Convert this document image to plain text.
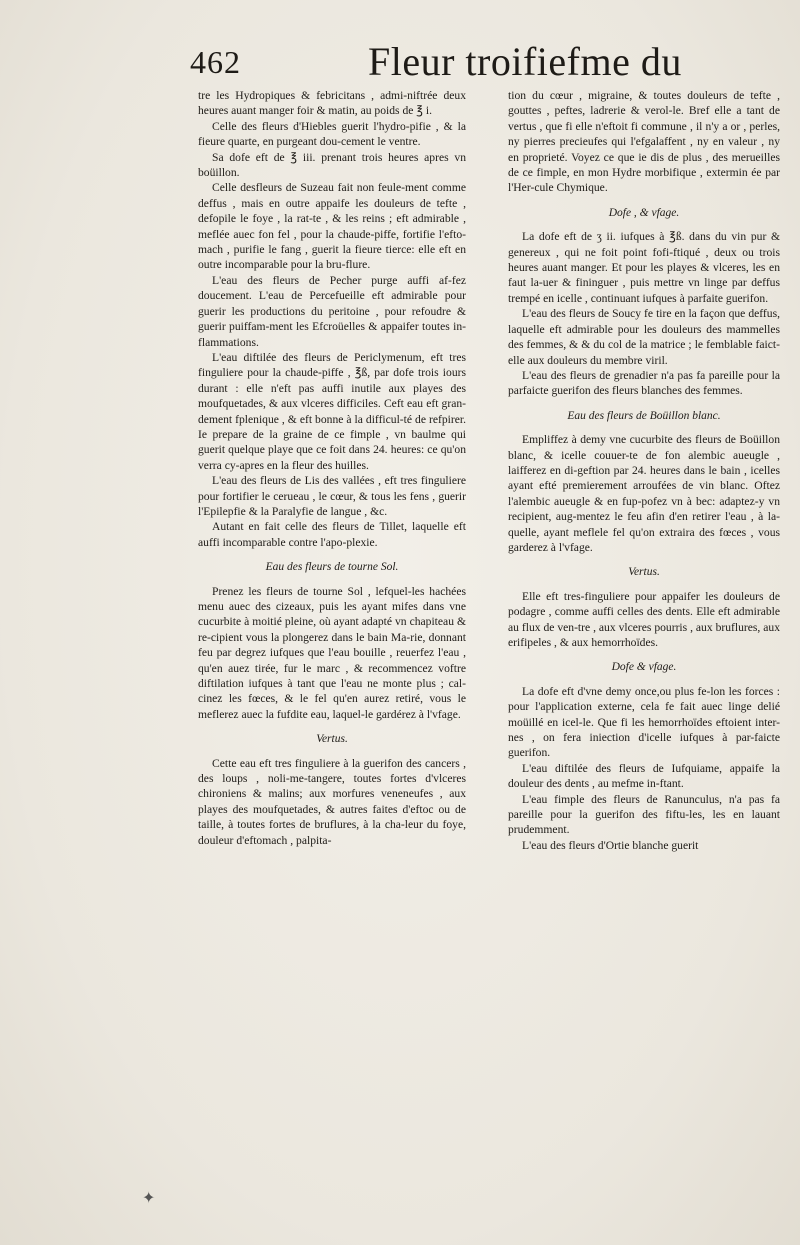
462	Fleur troifiefme du

tre les Hydropiques & febricitans , admi-niftrée deux heures auant manger foir & matin, au poids de ℥ i.

Celle des fleurs d'Hiebles guerit l'hydro-pifie , & la fieure quarte, en purgeant dou-cement le ventre.

Sa dofe eft de ℥ iii. prenant trois heures apres vn boüillon.

Celle desfleurs de Suzeau fait non feule-ment comme deffus , mais en outre appaife les douleurs de tefte , defopile le foye , la rat-te , & les reins ; eft admirable , meflée auec fon fel , pour la chaude-piffe, fortifie l'efto-mach , purifie le fang , guerit la fieure tierce: elle eft en outre incomparable pour la bru-flure.

L'eau des fleurs de Pecher purge auffi af-fez doucement. L'eau de Percefueille eft admirable pour guerir les productions du peritoine , pour refoudre & guerir puiffam-ment les Efcroüelles & appaifer toutes in-flammations.

L'eau diftilée des fleurs de Periclymenum, eft tres finguliere pour la chaude-piffe , ℥ß, par dofe trois iours durant : elle n'eft pas auffi inutile aux playes des moufquetades, & aux vlceres difficiles. Ceft eau eft gran-dement fplenique , & eft bonne à la difficul-té de refpirer. Ie prepare de la graine de ce fimple , vn baulme qui guerit quelque playe que ce foit dans 24. heures: ce qu'on verra cy-apres en la fleur des huilles.

L'eau des fleurs de Lis des vallées , eft tres finguliere pour fortifier le cerueau , le cœur, & tous les fens , guerir l'Epilepfie & la Paralyfie de langue , &c.

Autant en fait celle des fleurs de Tillet, laquelle eft auffi incomparable contre l'apo-plexie.

Eau des fleurs de tourne Sol.

Prenez les fleurs de tourne Sol , lefquel-les hachées menu auec des cizeaux, puis les ayant mifes dans vne cucurbite à moitié pleine, où ayant adapté vn chapiteau & re-cipient vous la plongerez dans le bain Ma-rie, donnant feu par degrez iufques que l'eau bouille , reuerfez l'eau , qu'en auez tirée, fur le marc , & recommencez voftre diftilation iufques à tant que l'eau ne monte plus ; cal-cinez les fœces, & le fel qu'en aurez retiré, vous le meflerez auec la fufdite eau, laquel-le gardérez à l'vfage.

Vertus.

Cette eau eft tres finguliere à la guerifon des cancers , des loups , noli-me-tangere, toutes fortes d'vlceres chironiens & malins; aux morfures veneneufes , aux playes des moufquetades, & autres faites d'eftoc ou de taille, à toutes fortes de bruflures, à la cha-leur du foye, douleur d'eftomach , palpita-

tion du cœur , migraine, & toutes douleurs de tefte , gouttes , peftes, ladrerie & verol-le. Bref elle a tant de vertus , que fi elle n'eftoit fi commune , il n'y a or , perles, ny pierres precieufes qui l'efgalaffent , ny en valeur , ny en proprieté. Voyez ce que ie dis de plus , des merueilles de ce fimple, en mon Hydre morbifique , extermin ée par l'Her-cule Chymique.

Dofe , & vfage.

La dofe eft de ʒ ii. iufques à ℥ß. dans du vin pur & genereux , qui ne foit point fofi-ftiqué , deux ou trois heures auant manger. Et pour les playes & vlceres, les en faut la-uer & fininguer , puis mettre vn linge par deffus trempé en icelle , continuant iufques à parfaite guerifon.

L'eau des fleurs de Soucy fe tire en la façon que deffus, laquelle eft admirable pour les douleurs des mammelles des femmes, & & du col de la matrice ; le femblable faict-elle aux douleurs du membre viril.

L'eau des fleurs de grenadier n'a pas fa pareille pour la parfaicte guerifon des fleurs blanches des femmes.

Eau des fleurs de Boüillon blanc.

Empliffez à demy vne cucurbite des fleurs de Boüillon blanc, & icelle couuer-te de fon alembic aueugle , laifferez en di-geftion par 24. heures dans le bain , icelles ayant efté premierement arroufées de vin blanc. Oftez l'alembic aueugle & en fup-pofez vn à bec: adaptez-y vn recipient, aug-mentez le feu afin d'en retirer l'eau , à la-quelle, ayant meflele fel qu'on extraira des fœces , vous garderez à l'vfage.

Vertus.

Elle eft tres-finguliere pour appaifer les douleurs de podagre , comme auffi celles des dents. Elle eft admirable au flux de ven-tre , aux vlceres pourris , aux bruflures, aux erifipeles , & aux hemorrhoïdes.

Dofe & vfage.

La dofe eft d'vne demy once,ou plus fe-lon les forces : pour l'application externe, cela fe fait auec linge delié moüillé en icel-le. Que fi les hemorrhoïdes eftoient inter-nes , on fera iniection d'icelle iufques à par-faicte guerifon.

L'eau diftilée des fleurs de Iufquiame, appaife la douleur des dents , au mefme in-ftant.

L'eau fimple des fleurs de Ranunculus, n'a pas fa pareille pour la guerifon des fiftu-les, les en lauant prudemment.

L'eau des fleurs d'Ortie blanche guerit

✦
